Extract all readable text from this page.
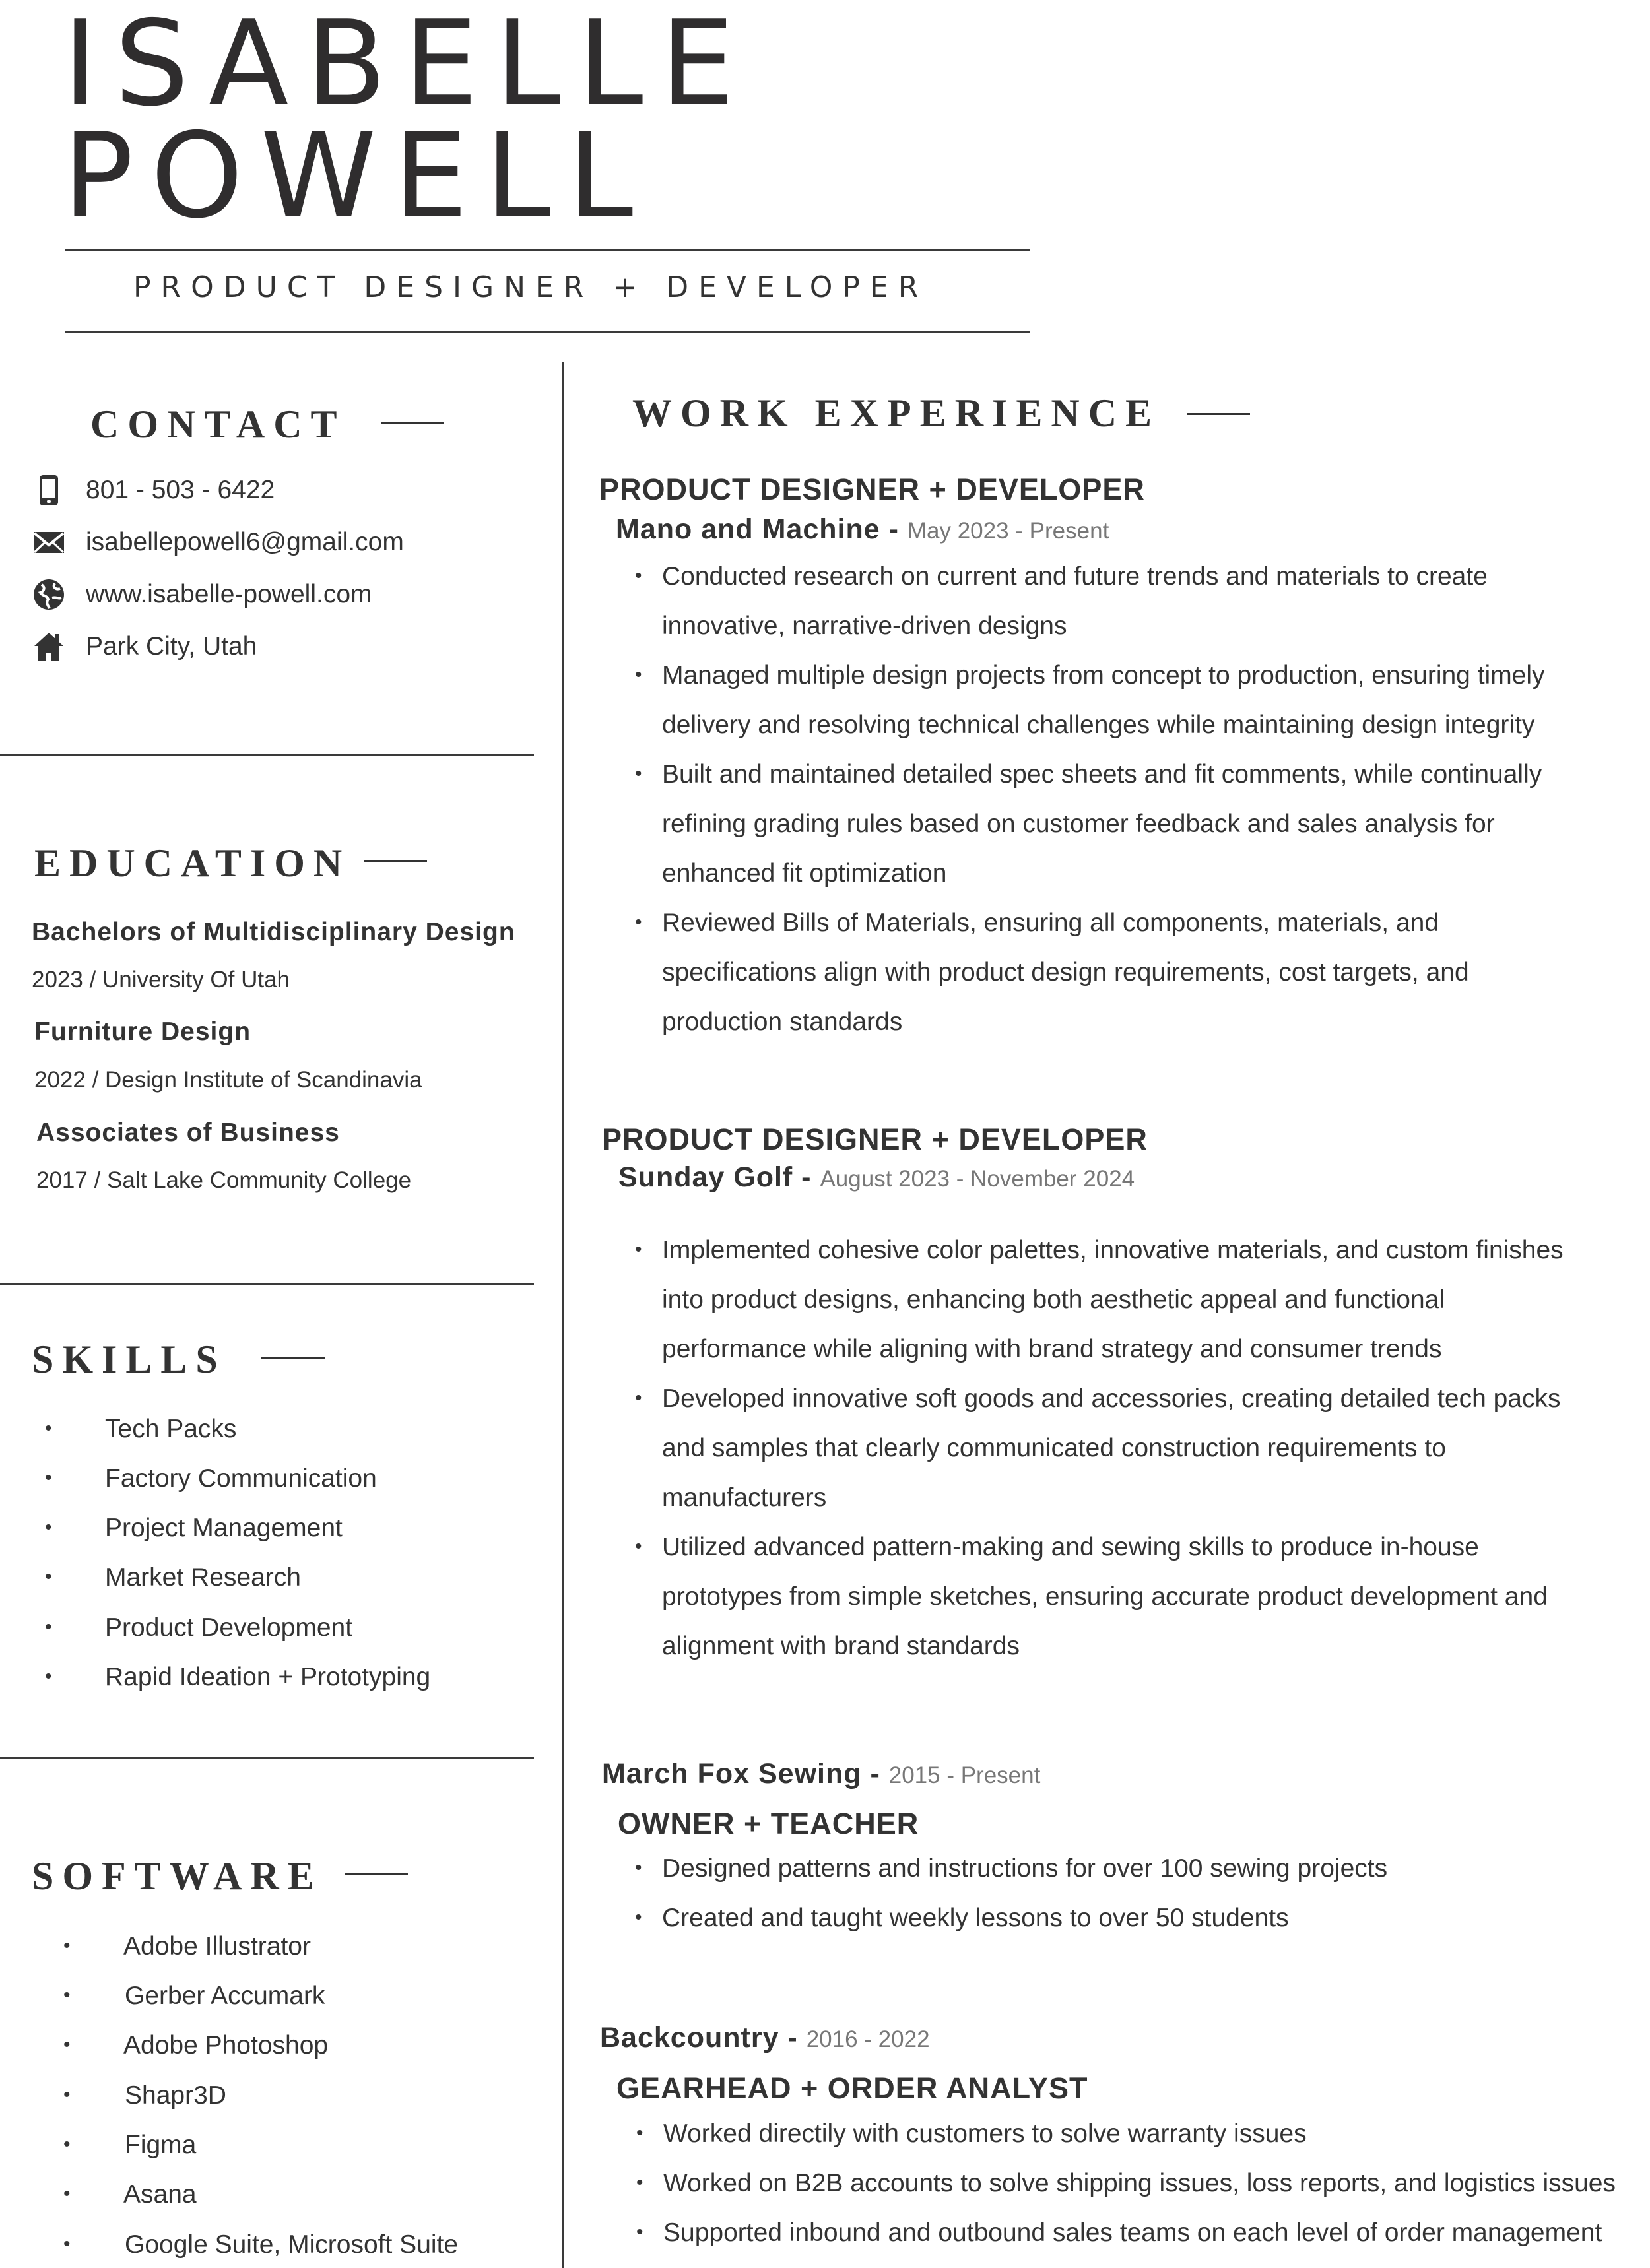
ISABELLE
POWELL
PRODUCT DESIGNER + DEVELOPER
CONTACT
801 - 503 - 6422
isabellepowell6@gmail.com
www.isabelle-powell.com
Park City, Utah
EDUCATION
Bachelors of Multidisciplinary Design
2023 / University Of Utah
Furniture Design
2022 / Design Institute of Scandinavia
Associates of Business
2017 / Salt Lake Community College
SKILLS
• Tech Packs
• Factory Communication
• Project Management
• Market Research
• Product Development
• Rapid Ideation + Prototyping
SOFTWARE
• Adobe Illustrator
• Gerber Accumark
• Adobe Photoshop
• Shapr3D
• Figma
• Asana
• Google Suite, Microsoft Suite
WORK EXPERIENCE
PRODUCT DESIGNER + DEVELOPER
Mano and Machine - May 2023 - Present
• Conducted research on current and future trends and materials to create
innovative, narrative-driven designs
• Managed multiple design projects from concept to production, ensuring timely
delivery and resolving technical challenges while maintaining design integrity
• Built and maintained detailed spec sheets and fit comments, while continually
refining grading rules based on customer feedback and sales analysis for
enhanced fit optimization
• Reviewed Bills of Materials, ensuring all components, materials, and
specifications align with product design requirements, cost targets, and
production standards
PRODUCT DESIGNER + DEVELOPER
Sunday Golf - August 2023 - November 2024
• Implemented cohesive color palettes, innovative materials, and custom finishes
into product designs, enhancing both aesthetic appeal and functional
performance while aligning with brand strategy and consumer trends
• Developed innovative soft goods and accessories, creating detailed tech packs
and samples that clearly communicated construction requirements to
manufacturers
• Utilized advanced pattern-making and sewing skills to produce in-house
prototypes from simple sketches, ensuring accurate product development and
alignment with brand standards
March Fox Sewing - 2015 - Present
OWNER + TEACHER
• Designed patterns and instructions for over 100 sewing projects
• Created and taught weekly lessons to over 50 students
Backcountry - 2016 - 2022
GEARHEAD + ORDER ANALYST
• Worked directily with customers to solve warranty issues
• Worked on B2B accounts to solve shipping issues, loss reports, and logistics issues
• Supported inbound and outbound sales teams on each level of order management
